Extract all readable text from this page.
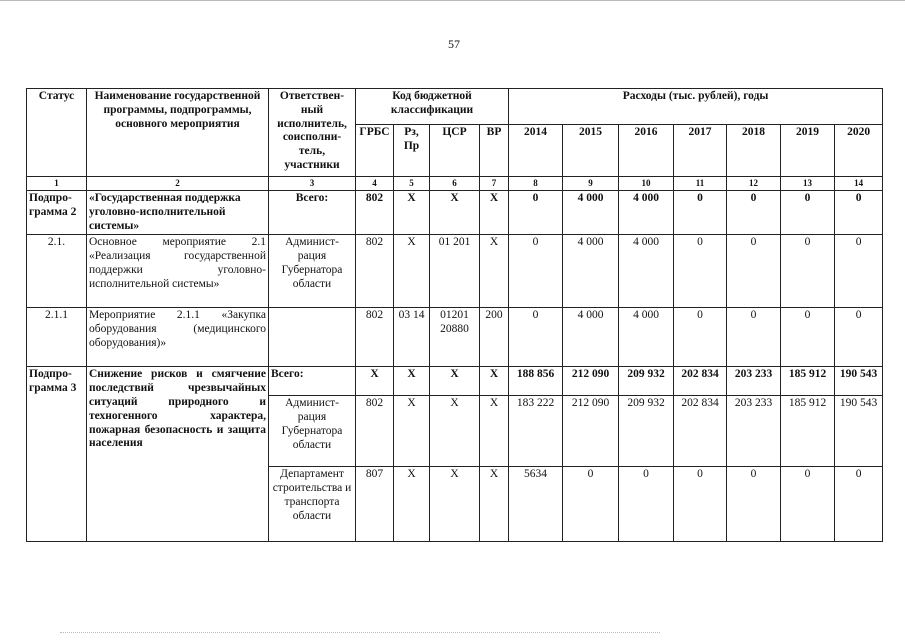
57
Статус	Наименование государственной программы, подпрограммы, основного мероприятия	Ответствен-ный исполнитель, соисполни-тель, участники	Код бюджетной классификации				Расходы (тыс. рублей), годы						
			ГРБС	Рз, Пр	ЦСР	ВР	2014	2015	2016	2017	2018	2019	2020
1	2	3	4	5	6	7	8	9	10	11	12	13	14
Подпро-грамма 2	«Государственная поддержка уголовно-исполнительной системы»	Всего:	802	Х	Х	Х	0	4 000	4 000	0	0	0	0
2.1.	Основное мероприятие 2.1 «Реализация государственной поддержки уголовно-исполнительной системы»	Админист-рация Губернатора области	802	Х	01 201	Х	0	4 000	4 000	0	0	0	0
2.1.1	Мероприятие 2.1.1 «Закупка оборудования (медицинского оборудования)»		802	03 14	01201 20880	200	0	4 000	4 000	0	0	0	0
Подпро-грамма 3	Снижение рисков и смягчение последствий чрезвычайных ситуаций природного и техногенного характера, пожарная безопасность и защита населения	Всего:	Х	Х	Х	Х	188 856	212 090	209 932	202 834	203 233	185 912	190 543
		Админист-рация Губернатора области	802	Х	Х	Х	183 222	212 090	209 932	202 834	203 233	185 912	190 543
		Департамент строительства и транспорта области	807	Х	Х	Х	5634	0	0	0	0	0	0
